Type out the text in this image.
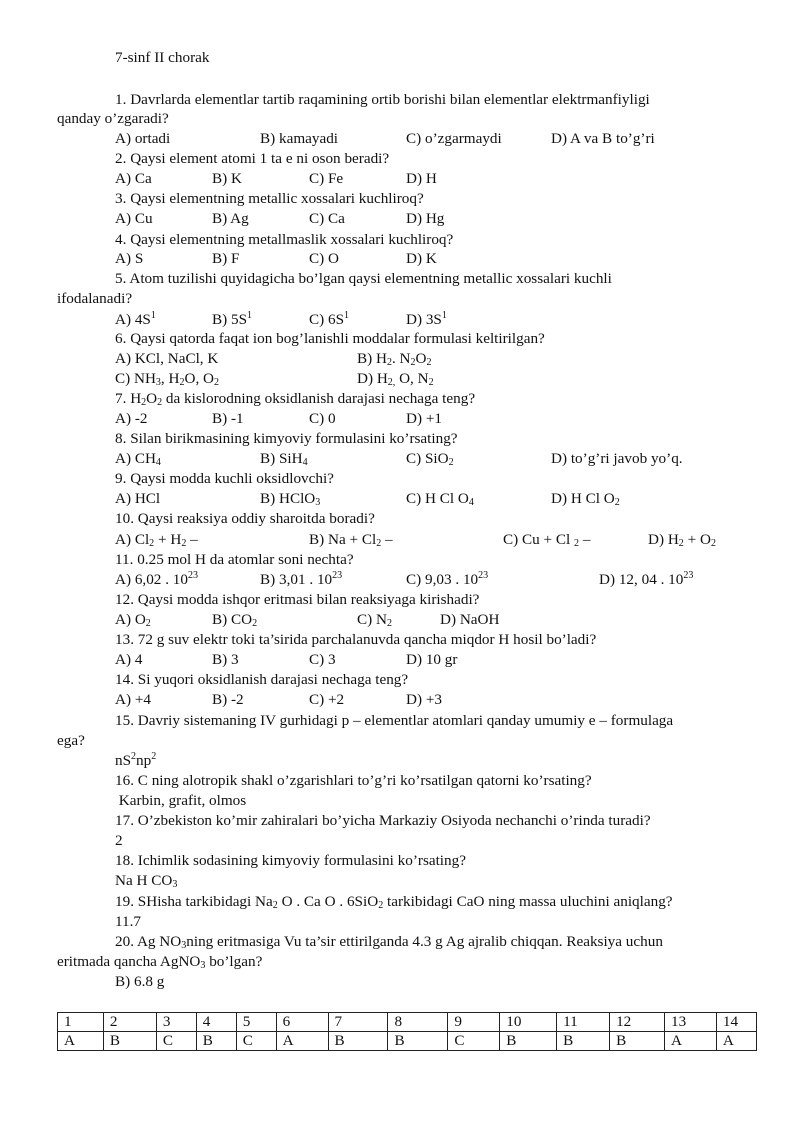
7-sinf II chorak
1. Davrlarda elementlar tartib raqamining ortib borishi bilan elementlar elektrmanfiyligi
qanday o’zgaradi?
A) ortadi	B) kamayadi	C) o’zgarmaydi	D) A va B to’g’ri
2. Qaysi element atomi 1 ta e ni oson beradi?
A) Ca	B) K	C) Fe	D) H
3. Qaysi elementning metallic xossalari kuchliroq?
A) Cu	B) Ag	C) Ca	D) Hg
4. Qaysi elementning metallmaslik xossalari kuchliroq?
A) S	B) F	C) O	D) K
5. Atom tuzilishi quyidagicha bo’lgan qaysi elementning metallic xossalari kuchli
ifodalanadi?
A) $4S^1$	B) $5S^1$	C) $6S^1$	D) $3S^1$
6. Qaysi qatorda faqat ion bog’lanishli moddalar formulasi keltirilgan?
A) KCl, NaCl, K	B) $H_2$. $N_2O_2$
C) $NH_3$, $H_2O$, $O_2$	D) $H_{2,}$ O, $N_2$
7. $H_2O_2$ da kislorodning oksidlanish darajasi nechaga teng?
A) -2	B) -1	C) 0	D) +1
8. Silan birikmasining kimyoviy formulasini ko’rsating?
A) $CH_4$	B) SiH$_4$	C) SiO$_2$	D) to’g’ri javob yo’q.
9. Qaysi modda kuchli oksidlovchi?
A) HCl	B) HClO$_3$	C) H Cl $O_4$	D) H Cl $O_2$
10. Qaysi reaksiya oddiy sharoitda boradi?
A) $Cl_2 + H_2$ –	B) $Na + Cl_2$ –	C) Cu + Cl $_2$ –	D) $H_2 + O_2$
11. 0.25 mol H da atomlar soni nechta?
A) 6,02 . $10^{23}$	B) 3,01 . $10^{23}$	C) 9,03 . $10^{23}$	D) 12, 04 . $10^{23}$
12. Qaysi modda ishqor eritmasi bilan reaksiyaga kirishadi?
A) $O_2$	B) $CO_2$	C) $N_2$	D) NaOH
13. 72 g suv elektr toki ta’sirida parchalanuvda qancha miqdor H hosil bo’ladi?
A) 4	B) 3	C) 3	D) 10 gr
14. Si yuqori oksidlanish darajasi nechaga teng?
A) +4	B) -2	C) +2	D) +3
15. Davriy sistemaning IV gurhidagi p – elementlar atomlari qanday umumiy e – formulaga
ega?
$nS^2np^2$
16. C ning alotropik shakl o’zgarishlari to’g’ri ko’rsatilgan qatorni ko’rsating?
Karbin, grafit, olmos
17. O’zbekiston ko’mir zahiralari bo’yicha Markaziy Osiyoda nechanchi o’rinda turadi?
2
18. Ichimlik sodasining kimyoviy formulasini ko’rsating?
Na H $CO_3$
19. SHisha tarkibidagi $Na_2$ O . Ca O . 6SiO$_2$ tarkibidagi CaO ning massa uluchini aniqlang?
11.7
20. Ag $NO_3ning$ eritmasiga Vu ta’sir ettirilganda 4.3 g Ag ajralib chiqqan. Reaksiya uchun
eritmada qancha AgNO$_3$ bo’lgan?
B) 6.8 g
1	2	3	4	5	6	7	8	9	10	11	12	13	14
A	B	C	B	C	A	B	B	C	B	B	B	A	A
